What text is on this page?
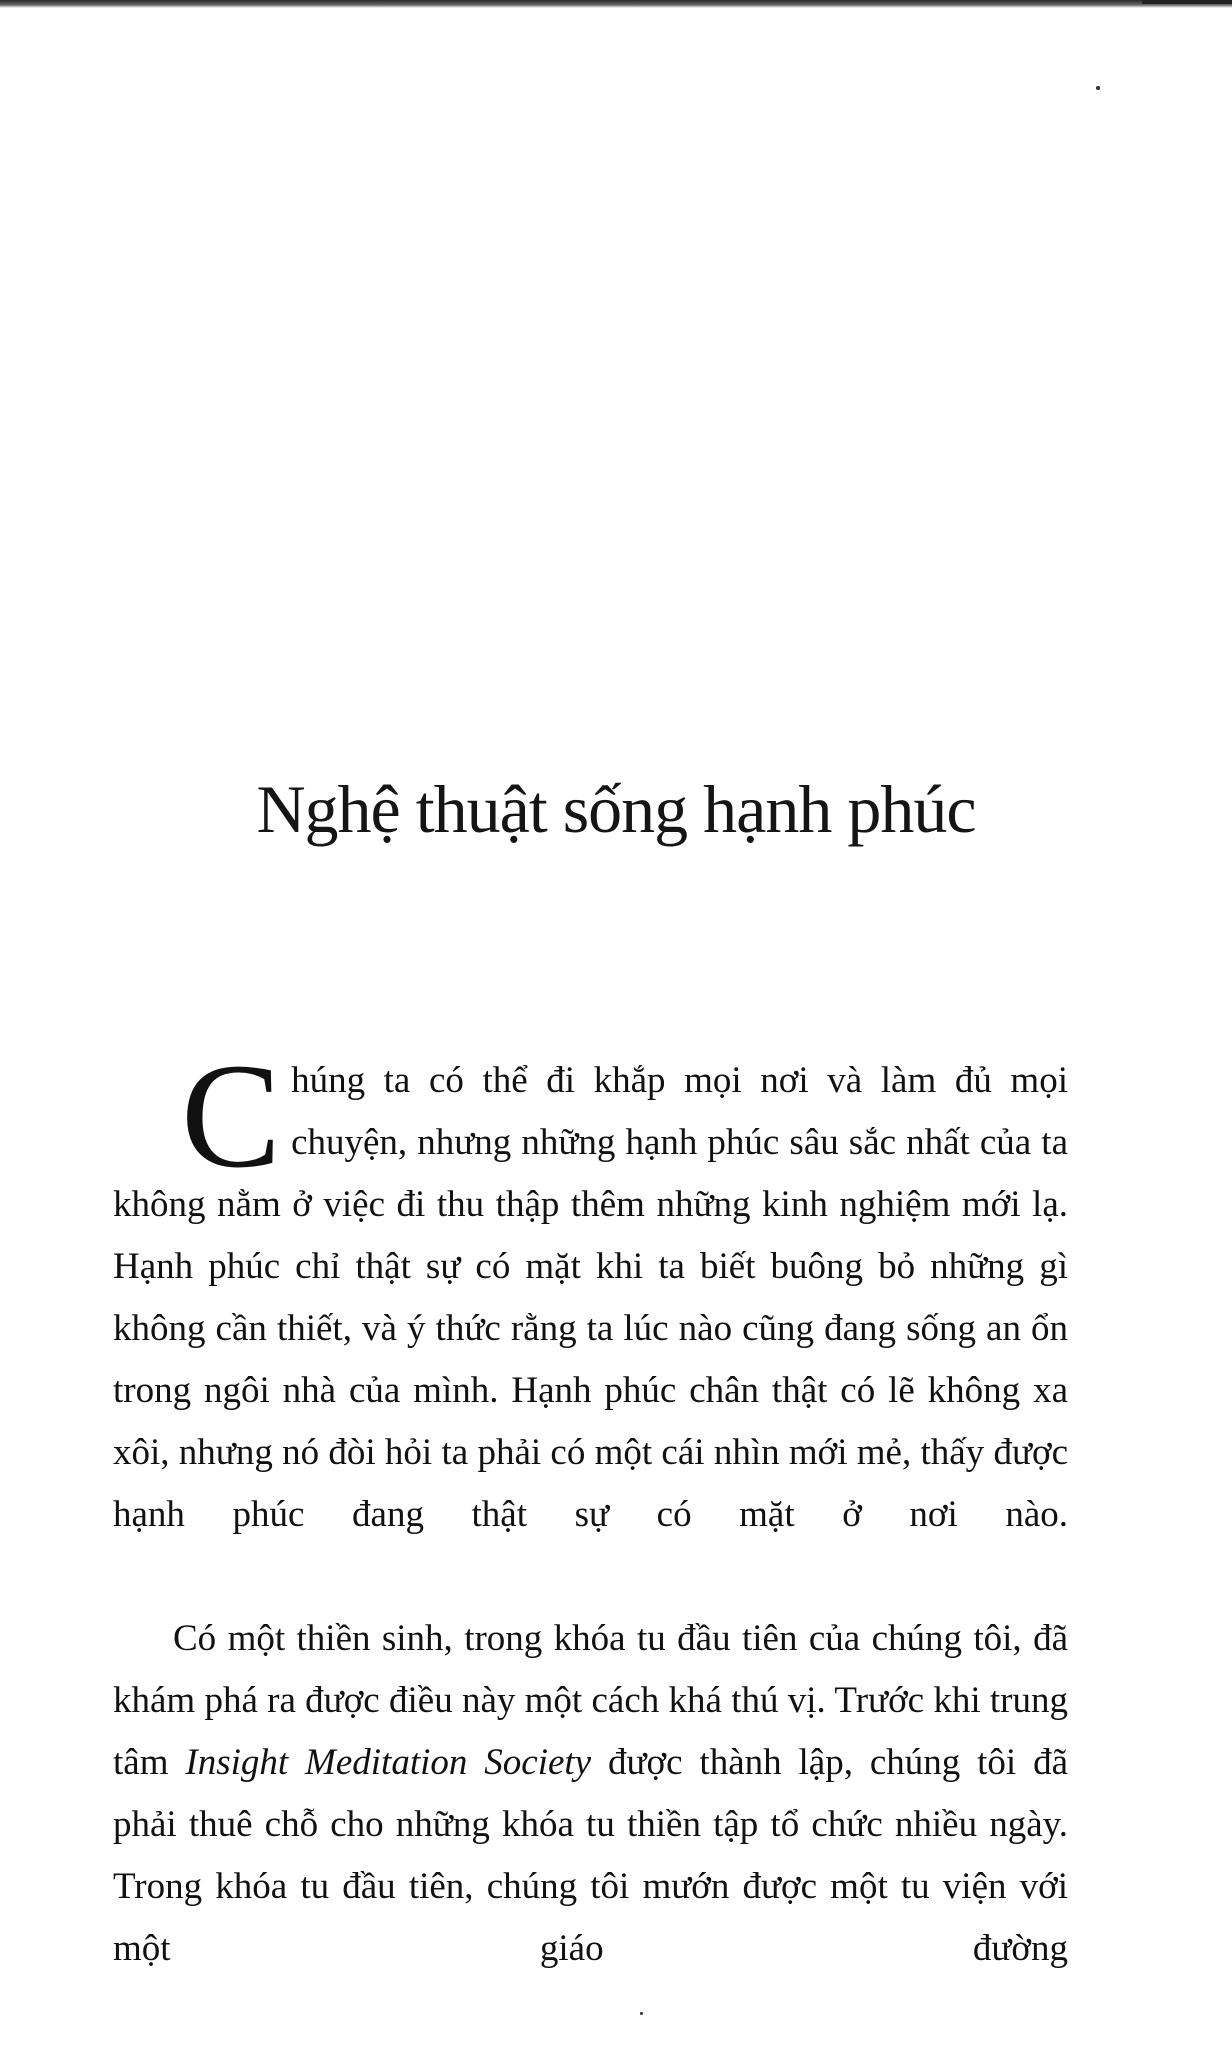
Nghệ thuật sống hạnh phúc

Chúng ta có thể đi khắp mọi nơi và làm đủ mọi chuyện, nhưng những hạnh phúc sâu sắc nhất của ta không nằm ở việc đi thu thập thêm những kinh nghiệm mới lạ. Hạnh phúc chỉ thật sự có mặt khi ta biết buông bỏ những gì không cần thiết, và ý thức rằng ta lúc nào cũng đang sống an ổn trong ngôi nhà của mình. Hạnh phúc chân thật có lẽ không xa xôi, nhưng nó đòi hỏi ta phải có một cái nhìn mới mẻ, thấy được hạnh phúc đang thật sự có mặt ở nơi nào.

Có một thiền sinh, trong khóa tu đầu tiên của chúng tôi, đã khám phá ra được điều này một cách khá thú vị. Trước khi trung tâm Insight Meditation Society được thành lập, chúng tôi đã phải thuê chỗ cho những khóa tu thiền tập tổ chức nhiều ngày. Trong khóa tu đầu tiên, chúng tôi mướn được một tu viện với một giáo đường
